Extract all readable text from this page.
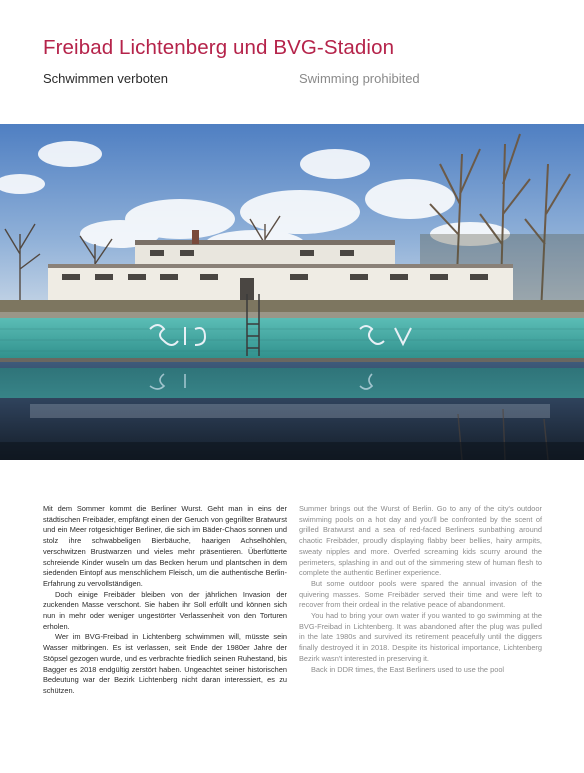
Freibad Lichtenberg und BVG-Stadion
Schwimmen verboten	Swimming prohibited

Mit dem Sommer kommt die Berliner Wurst. Geht man in eins der städtischen Freibäder, empfängt einen der Geruch von gegrillter Bratwurst und ein Meer rotgesichtiger Berliner, die sich im Bäder-Chaos sonnen und stolz ihre schwabbeligen Bierbäuche, haarigen Achselhöhlen, verschwitzen Brustwarzen und vieles mehr präsentieren. Überfütterte schreiende Kinder wuseln um das Becken herum und plantschen in dem siedenden Eintopf aus menschlichem Fleisch, um die authentische Berlin-Erfahrung zu vervollständigen.

Doch einige Freibäder bleiben von der jährlichen Invasion der zuckenden Masse verschont. Sie haben ihr Soll erfüllt und können sich nun in mehr oder weniger ungestörter Verlassenheit von den Torturen erholen.

Wer im BVG-Freibad in Lichtenberg schwimmen will, müsste sein Wasser mitbringen. Es ist verlassen, seit Ende der 1980er Jahre der Stöpsel gezogen wurde, und es verbrachte friedlich seinen Ruhestand, bis Bagger es 2018 endgültig zerstört haben. Ungeachtet seiner historischen Bedeutung war der Bezirk Lichtenberg nicht daran interessiert, es zu schützen.

Summer brings out the Wurst of Berlin. Go to any of the city's outdoor swimming pools on a hot day and you'll be confronted by the scent of grilled Bratwurst and a sea of red-faced Berliners sunbathing around chaotic Freibäder, proudly displaying flabby beer bellies, hairy armpits, sweaty nipples and more. Overfed screaming kids scurry around the perimeters, splashing in and out of the simmering stew of human flesh to complete the authentic Berliner experience.

But some outdoor pools were spared the annual invasion of the quivering masses. Some Freibäder served their time and were left to recover from their ordeal in the relative peace of abandonment.

You had to bring your own water if you wanted to go swimming at the BVG-Freibad in Lichtenberg. It was abandoned after the plug was pulled in the late 1980s and survived its retirement peacefully until the diggers finally destroyed it in 2018. Despite its historical importance, Lichtenberg Bezirk wasn't interested in preserving it.

Back in DDR times, the East Berliners used to use the pool
